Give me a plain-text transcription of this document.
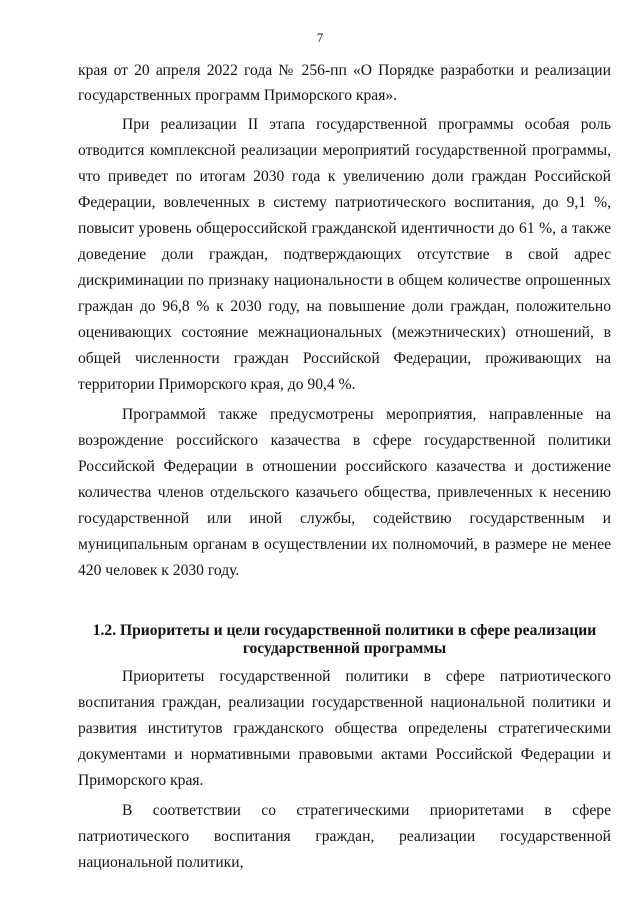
7

края от 20 апреля 2022 года № 256-пп «О Порядке разработки и реализации государственных программ Приморского края».

При реализации II этапа государственной программы особая роль отводится комплексной реализации мероприятий государственной программы, что приведет по итогам 2030 года к увеличению доли граждан Российской Федерации, вовлеченных в систему патриотического воспитания, до 9,1 %, повысит уровень общероссийской гражданской идентичности до 61 %, а также доведение доли граждан, подтверждающих отсутствие в свой адрес дискриминации по признаку национальности в общем количестве опрошенных граждан до 96,8 % к 2030 году, на повышение доли граждан, положительно оценивающих состояние межнациональных (межэтнических) отношений, в общей численности граждан Российской Федерации, проживающих на территории Приморского края, до 90,4 %.

Программой также предусмотрены мероприятия, направленные на возрождение российского казачества в сфере государственной политики Российской Федерации в отношении российского казачества и достижение количества членов отдельского казачьего общества, привлеченных к несению государственной или иной службы, содействию государственным и муниципальным органам в осуществлении их полномочий, в размере не менее 420 человек к 2030 году.

1.2. Приоритеты и цели государственной политики в сфере реализации государственной программы

Приоритеты государственной политики в сфере патриотического воспитания граждан, реализации государственной национальной политики и развития институтов гражданского общества определены стратегическими документами и нормативными правовыми актами Российской Федерации и Приморского края.

В соответствии со стратегическими приоритетами в сфере патриотического воспитания граждан, реализации государственной национальной политики,
